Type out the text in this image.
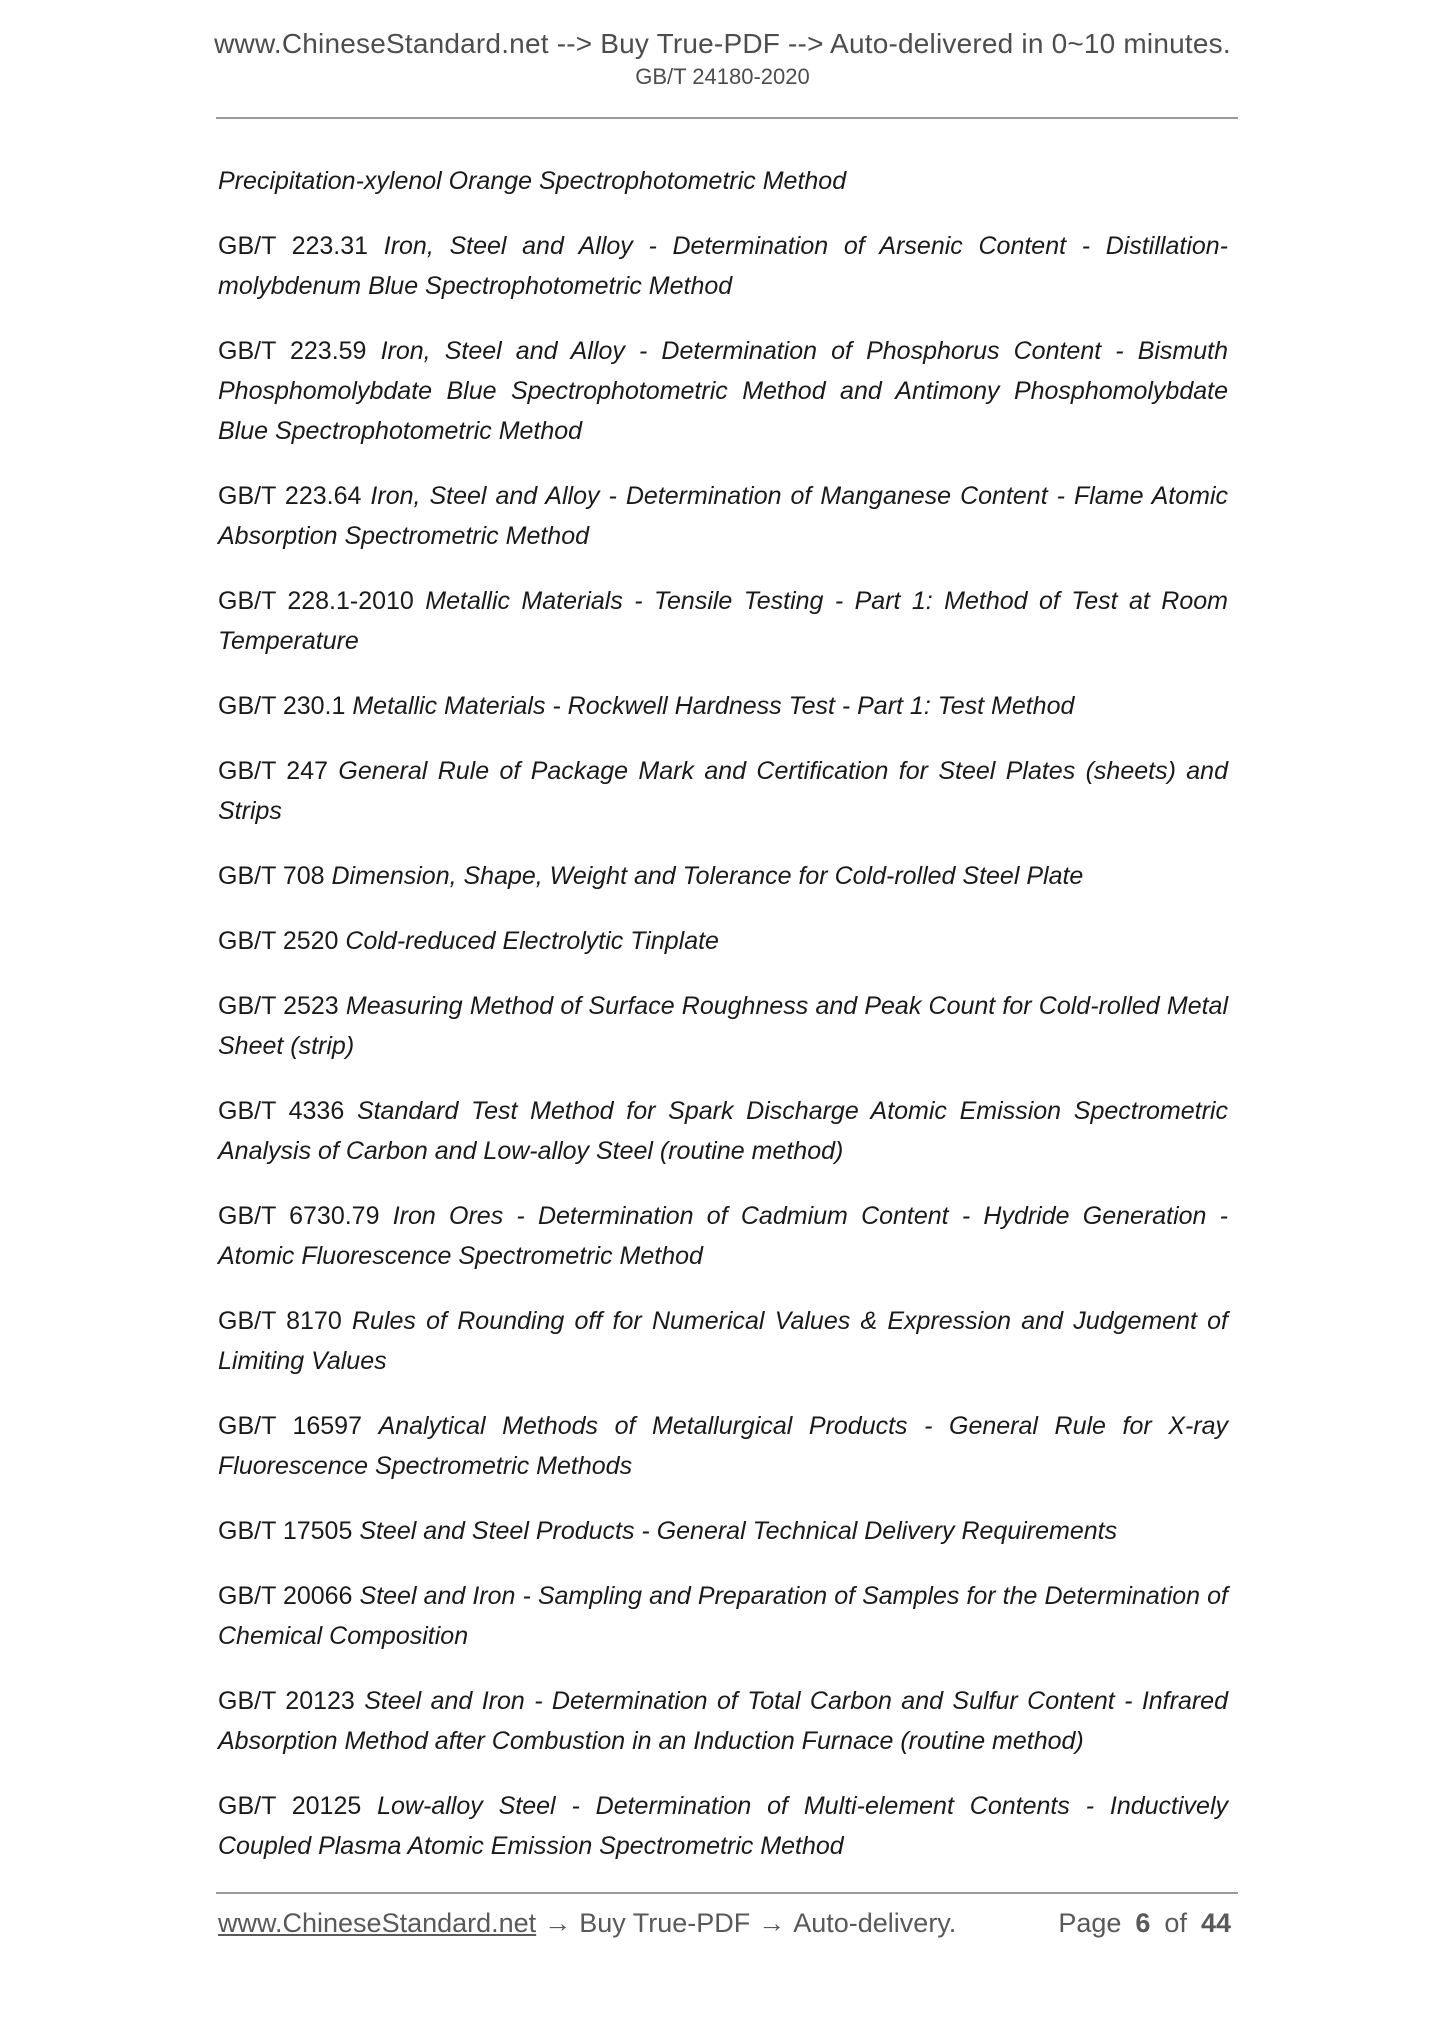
www.ChineseStandard.net --> Buy True-PDF --> Auto-delivered in 0~10 minutes.
GB/T 24180-2020

Precipitation-xylenol Orange Spectrophotometric Method

GB/T 223.31 Iron, Steel and Alloy - Determination of Arsenic Content - Distillation-molybdenum Blue Spectrophotometric Method

GB/T 223.59 Iron, Steel and Alloy - Determination of Phosphorus Content - Bismuth Phosphomolybdate Blue Spectrophotometric Method and Antimony Phosphomolybdate Blue Spectrophotometric Method

GB/T 223.64 Iron, Steel and Alloy - Determination of Manganese Content - Flame Atomic Absorption Spectrometric Method

GB/T 228.1-2010 Metallic Materials - Tensile Testing - Part 1: Method of Test at Room Temperature

GB/T 230.1 Metallic Materials - Rockwell Hardness Test - Part 1: Test Method

GB/T 247 General Rule of Package Mark and Certification for Steel Plates (sheets) and Strips

GB/T 708 Dimension, Shape, Weight and Tolerance for Cold-rolled Steel Plate

GB/T 2520 Cold-reduced Electrolytic Tinplate

GB/T 2523 Measuring Method of Surface Roughness and Peak Count for Cold-rolled Metal Sheet (strip)

GB/T 4336 Standard Test Method for Spark Discharge Atomic Emission Spectrometric Analysis of Carbon and Low-alloy Steel (routine method)

GB/T 6730.79 Iron Ores - Determination of Cadmium Content - Hydride Generation - Atomic Fluorescence Spectrometric Method

GB/T 8170 Rules of Rounding off for Numerical Values & Expression and Judgement of Limiting Values

GB/T 16597 Analytical Methods of Metallurgical Products - General Rule for X-ray Fluorescence Spectrometric Methods

GB/T 17505 Steel and Steel Products - General Technical Delivery Requirements

GB/T 20066 Steel and Iron - Sampling and Preparation of Samples for the Determination of Chemical Composition

GB/T 20123 Steel and Iron - Determination of Total Carbon and Sulfur Content - Infrared Absorption Method after Combustion in an Induction Furnace (routine method)

GB/T 20125 Low-alloy Steel - Determination of Multi-element Contents - Inductively Coupled Plasma Atomic Emission Spectrometric Method

www.ChineseStandard.net → Buy True-PDF → Auto-delivery.	Page 6 of 44
